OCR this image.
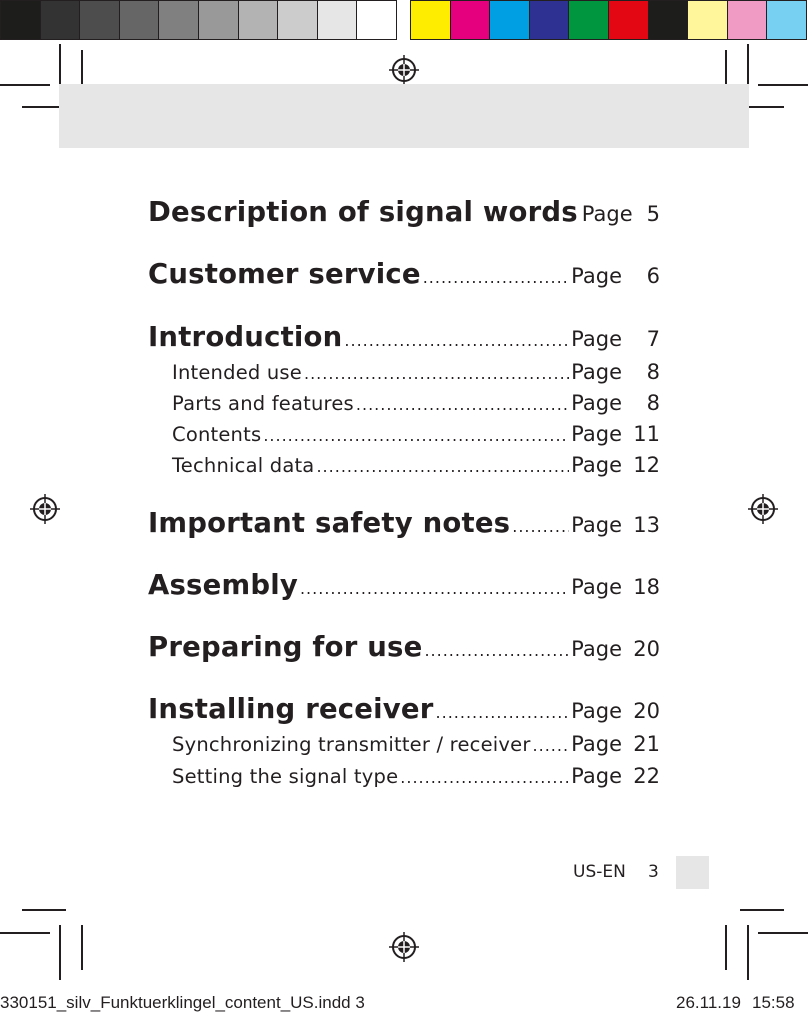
Description of signal words Page 5
Customer service .....	Page	6
Introduction .....	Page	7
Intended use .....	Page	8
Parts and features .....	Page	8
Contents .....	Page 11
Technical data .....	Page 12
Important safety notes .....	Page 13
Assembly .....	Page 18
Preparing for use .....	Page 20
Installing receiver .....	Page 20
Synchronizing transmitter / receiver ..... Page 21
Setting the signal type .....	Page 22
US-EN 3
330151_silv_Funktuerklingel_content_US.indd 3	26.11.19 15:58
